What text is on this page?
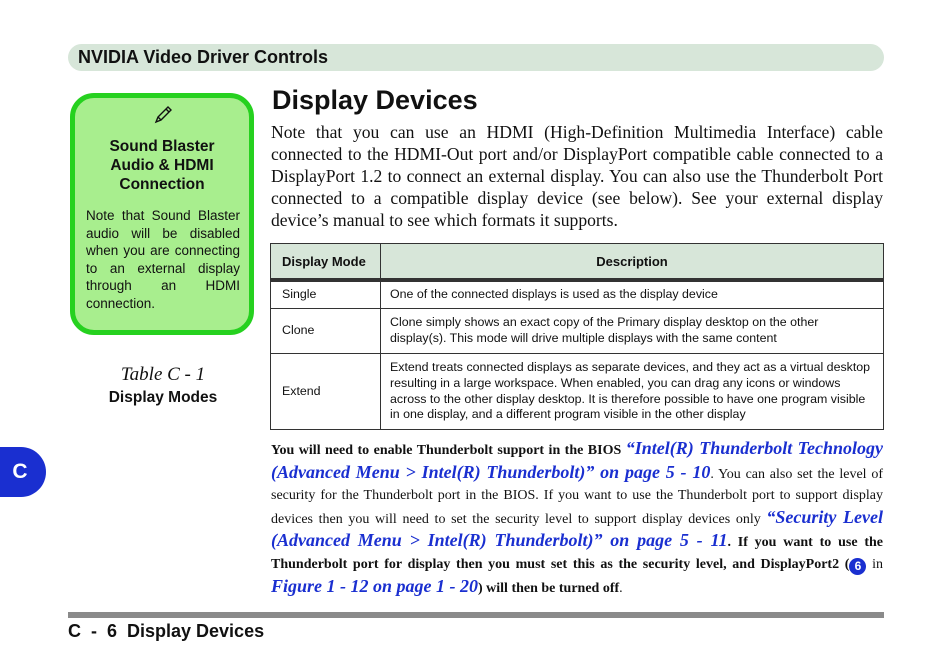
NVIDIA Video Driver Controls
Sound Blaster Audio & HDMI Connection
Note that Sound Blaster audio will be disabled when you are connecting to an external display through an HDMI connection.
Table C - 1
Display Modes
C
Display Devices
Note that you can use an HDMI (High-Definition Multimedia Interface) cable connected to the HDMI-Out port and/or DisplayPort compatible cable connected to a DisplayPort 1.2 to connect an external display. You can also use the Thunderbolt Port connected to a compatible display device (see below). See your external display device’s manual to see which formats it supports.
Display Mode	Description

Single	One of the connected displays is used as the display device
Clone	Clone simply shows an exact copy of the Primary display desktop on the other display(s). This mode will drive multiple displays with the same content
Extend	Extend treats connected displays as separate devices, and they act as a virtual desktop resulting in a large workspace. When enabled, you can drag any icons or windows across to the other display desktop. It is therefore possible to have one program visible in one display, and a different program visible in the other display
You will need to enable Thunderbolt support in the BIOS “Intel(R) Thunderbolt Technology (Advanced Menu > Intel(R) Thunderbolt)” on page 5 - 10. You can also set the level of security for the Thunderbolt port in the BIOS. If you want to use the Thunderbolt port to support display devices then you will need to set the security level to support display devices only “Security Level (Advanced Menu > Intel(R) Thunderbolt)” on page 5 - 11. If you want to use the Thunderbolt port for display then you must set this as the security level, and DisplayPort2 ( 6 in Figure 1 - 12 on page 1 - 20) will then be turned off.
C  -  6  Display Devices
